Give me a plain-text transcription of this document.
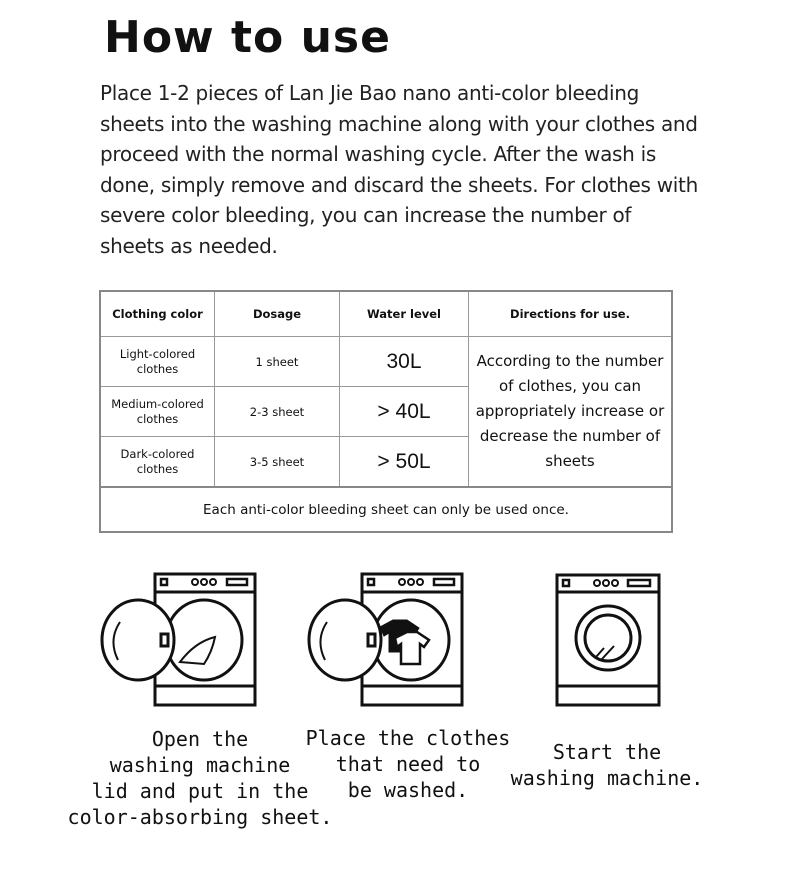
How to use

Place 1-2 pieces of Lan Jie Bao nano anti-color bleeding sheets into the washing machine along with your clothes and proceed with the normal washing cycle. After the wash is done, simply remove and discard the sheets. For clothes with severe color bleeding, you can increase the number of sheets as needed.

Clothing color	Dosage	Water level	Directions for use.
Light-colored clothes	1 sheet	30L	According to the number of clothes, you can appropriately increase or decrease the number of sheets
Medium-colored clothes	2-3 sheet	> 40L	
Dark-colored clothes	3-5 sheet	> 50L	
Each anti-color bleeding sheet can only be used once.			
Open the
washing machine
lid and put in the
color-absorbing sheet.
Place the clothes
that need to
be washed.
Start the
washing machine.
